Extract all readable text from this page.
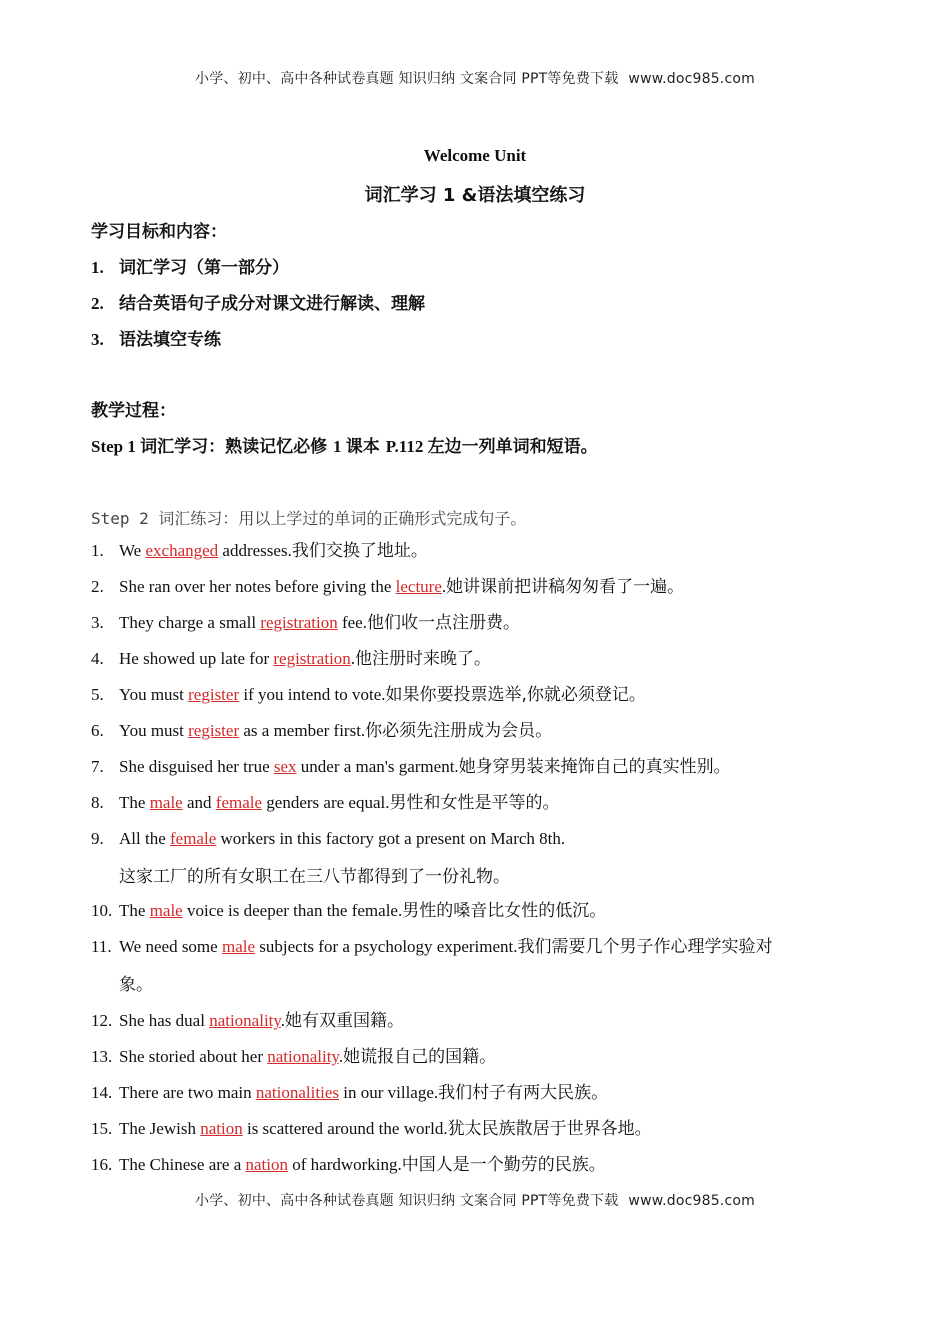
小学、初中、高中各种试卷真题 知识归纳 文案合同 PPT等免费下载 www.doc985.com
Welcome Unit
词汇学习 1 &语法填空练习
学习目标和内容：
1. 词汇学习（第一部分）
2. 结合英语句子成分对课文进行解读、理解
3. 语法填空专练
教学过程：
Step 1 词汇学习：熟读记忆必修 1 课本 P.112 左边一列单词和短语。
Step 2 词汇练习：用以上学过的单词的正确形式完成句子。
1. We exchanged addresses.我们交换了地址。
2. She ran over her notes before giving the lecture.她讲课前把讲稿匆匆看了一遍。
3. They charge a small registration fee.他们收一点注册费。
4. He showed up late for registration.他注册时来晚了。
5. You must register if you intend to vote.如果你要投票选举,你就必须登记。
6. You must register as a member first.你必须先注册成为会员。
7. She disguised her true sex under a man's garment.她身穿男装来掩饰自己的真实性别。
8. The male and female genders are equal.男性和女性是平等的。
9. All the female workers in this factory got a present on March 8th.
这家工厂的所有女职工在三八节都得到了一份礼物。
10. The male voice is deeper than the female.男性的嗓音比女性的低沉。
11. We need some male subjects for a psychology experiment.我们需要几个男子作心理学实验对
象。
12. She has dual nationality.她有双重国籍。
13. She storied about her nationality.她谎报自己的国籍。
14. There are two main nationalities in our village.我们村子有两大民族。
15. The Jewish nation is scattered around the world.犹太民族散居于世界各地。
16. The Chinese are a nation of hardworking.中国人是一个勤劳的民族。
小学、初中、高中各种试卷真题 知识归纳 文案合同 PPT等免费下载 www.doc985.com
